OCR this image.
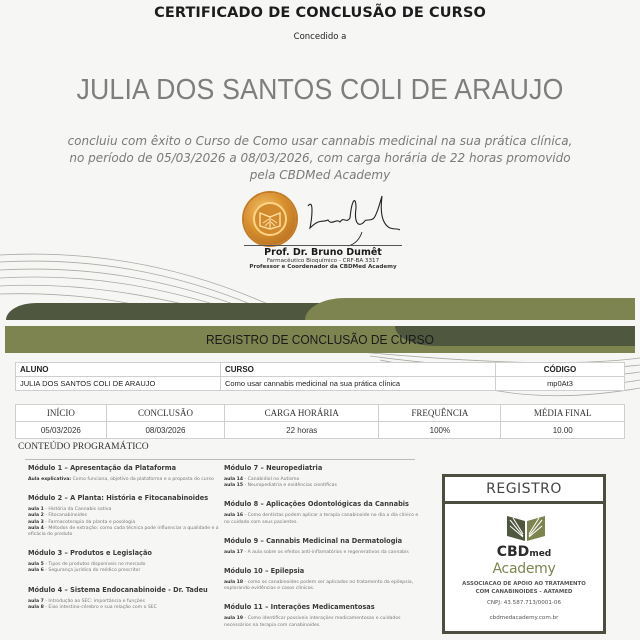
CERTIFICADO DE CONCLUSÃO DE CURSO
Concedido a
JULIA DOS SANTOS COLI DE ARAUJO
concluiu com êxito o Curso de Como usar cannabis medicinal na sua prática clínica, no período de 05/03/2026 a 08/03/2026, com carga horária de 22 horas promovido pela CBDMed Academy
Prof. Dr. Bruno Dumêt
Farmacêutico Bioquímico - CRF-BA 3317
Professor e Coordenador da CBDMed Academy
REGISTRO DE CONCLUSÃO DE CURSO
ALUNO	CURSO	CÓDIGO
JULIA DOS SANTOS COLI DE ARAUJO	Como usar cannabis medicinal na sua prática clínica	mp0At3
INÍCIO	CONCLUSÃO	CARGA HORÁRIA	FREQUÊNCIA	MÉDIA FINAL
05/03/2026	08/03/2026	22 horas	100%	10.00
CONTEÚDO PROGRAMÁTICO
Módulo 1 – Apresentação da Plataforma
Aula explicativa: Como funciona, objetivo da plataforma e a proposta do curso
Módulo 2 – A Planta: História e Fitocanabinoides
aula 1 - História da Cannabis sativa
aula 2 - Fitocanabinoides
aula 3 - Farmacoterapia da planta e posologia
aula 4 - Métodos de extração: como cada técnica pode influenciar a qualidade e a eficácia do produto
Módulo 3 – Produtos e Legislação
aula 5 - Tipos de produtos disponíveis no mercado
aula 6 - Segurança jurídica do médico prescritor
Módulo 4 – Sistema Endocanabinoide - Dr. Tadeu
aula 7 - Introdução ao SEC: importância e funções
aula 8 - Eixo intestino-cérebro e sua relação com o SEC
Módulo 7 – Neuropediatria
aula 14 - Canabidiol no Autismo
aula 15 - Neuropediatria e evidências científicas
Módulo 8 – Aplicações Odontológicas da Cannabis
aula 16 - Como dentistas podem aplicar a terapia canabinoide no dia a dia clínico e no cuidado com seus pacientes.
Módulo 9 – Cannabis Medicinal na Dermatologia
aula 17 - A aula sobre os efeitos anti-inflamatórios e regenerativos da cannabis
Módulo 10 – Epilepsia
aula 18 - como os canabinoides podem ser aplicados no tratamento da epilepsia, explorando evidências e casos clínicos.
Módulo 11 – Interações Medicamentosas
aula 19 - Como identificar possíveis interações medicamentosas e cuidados necessários na terapia com canabinoides.
REGISTRO
CBDmed
Academy
ASSOCIACAO DE APOIO AO TRATAMENTO
COM CANABINOIDES - AATAMED
CNPJ: 43.587.713/0001-06
cbdmedacademy.com.br
